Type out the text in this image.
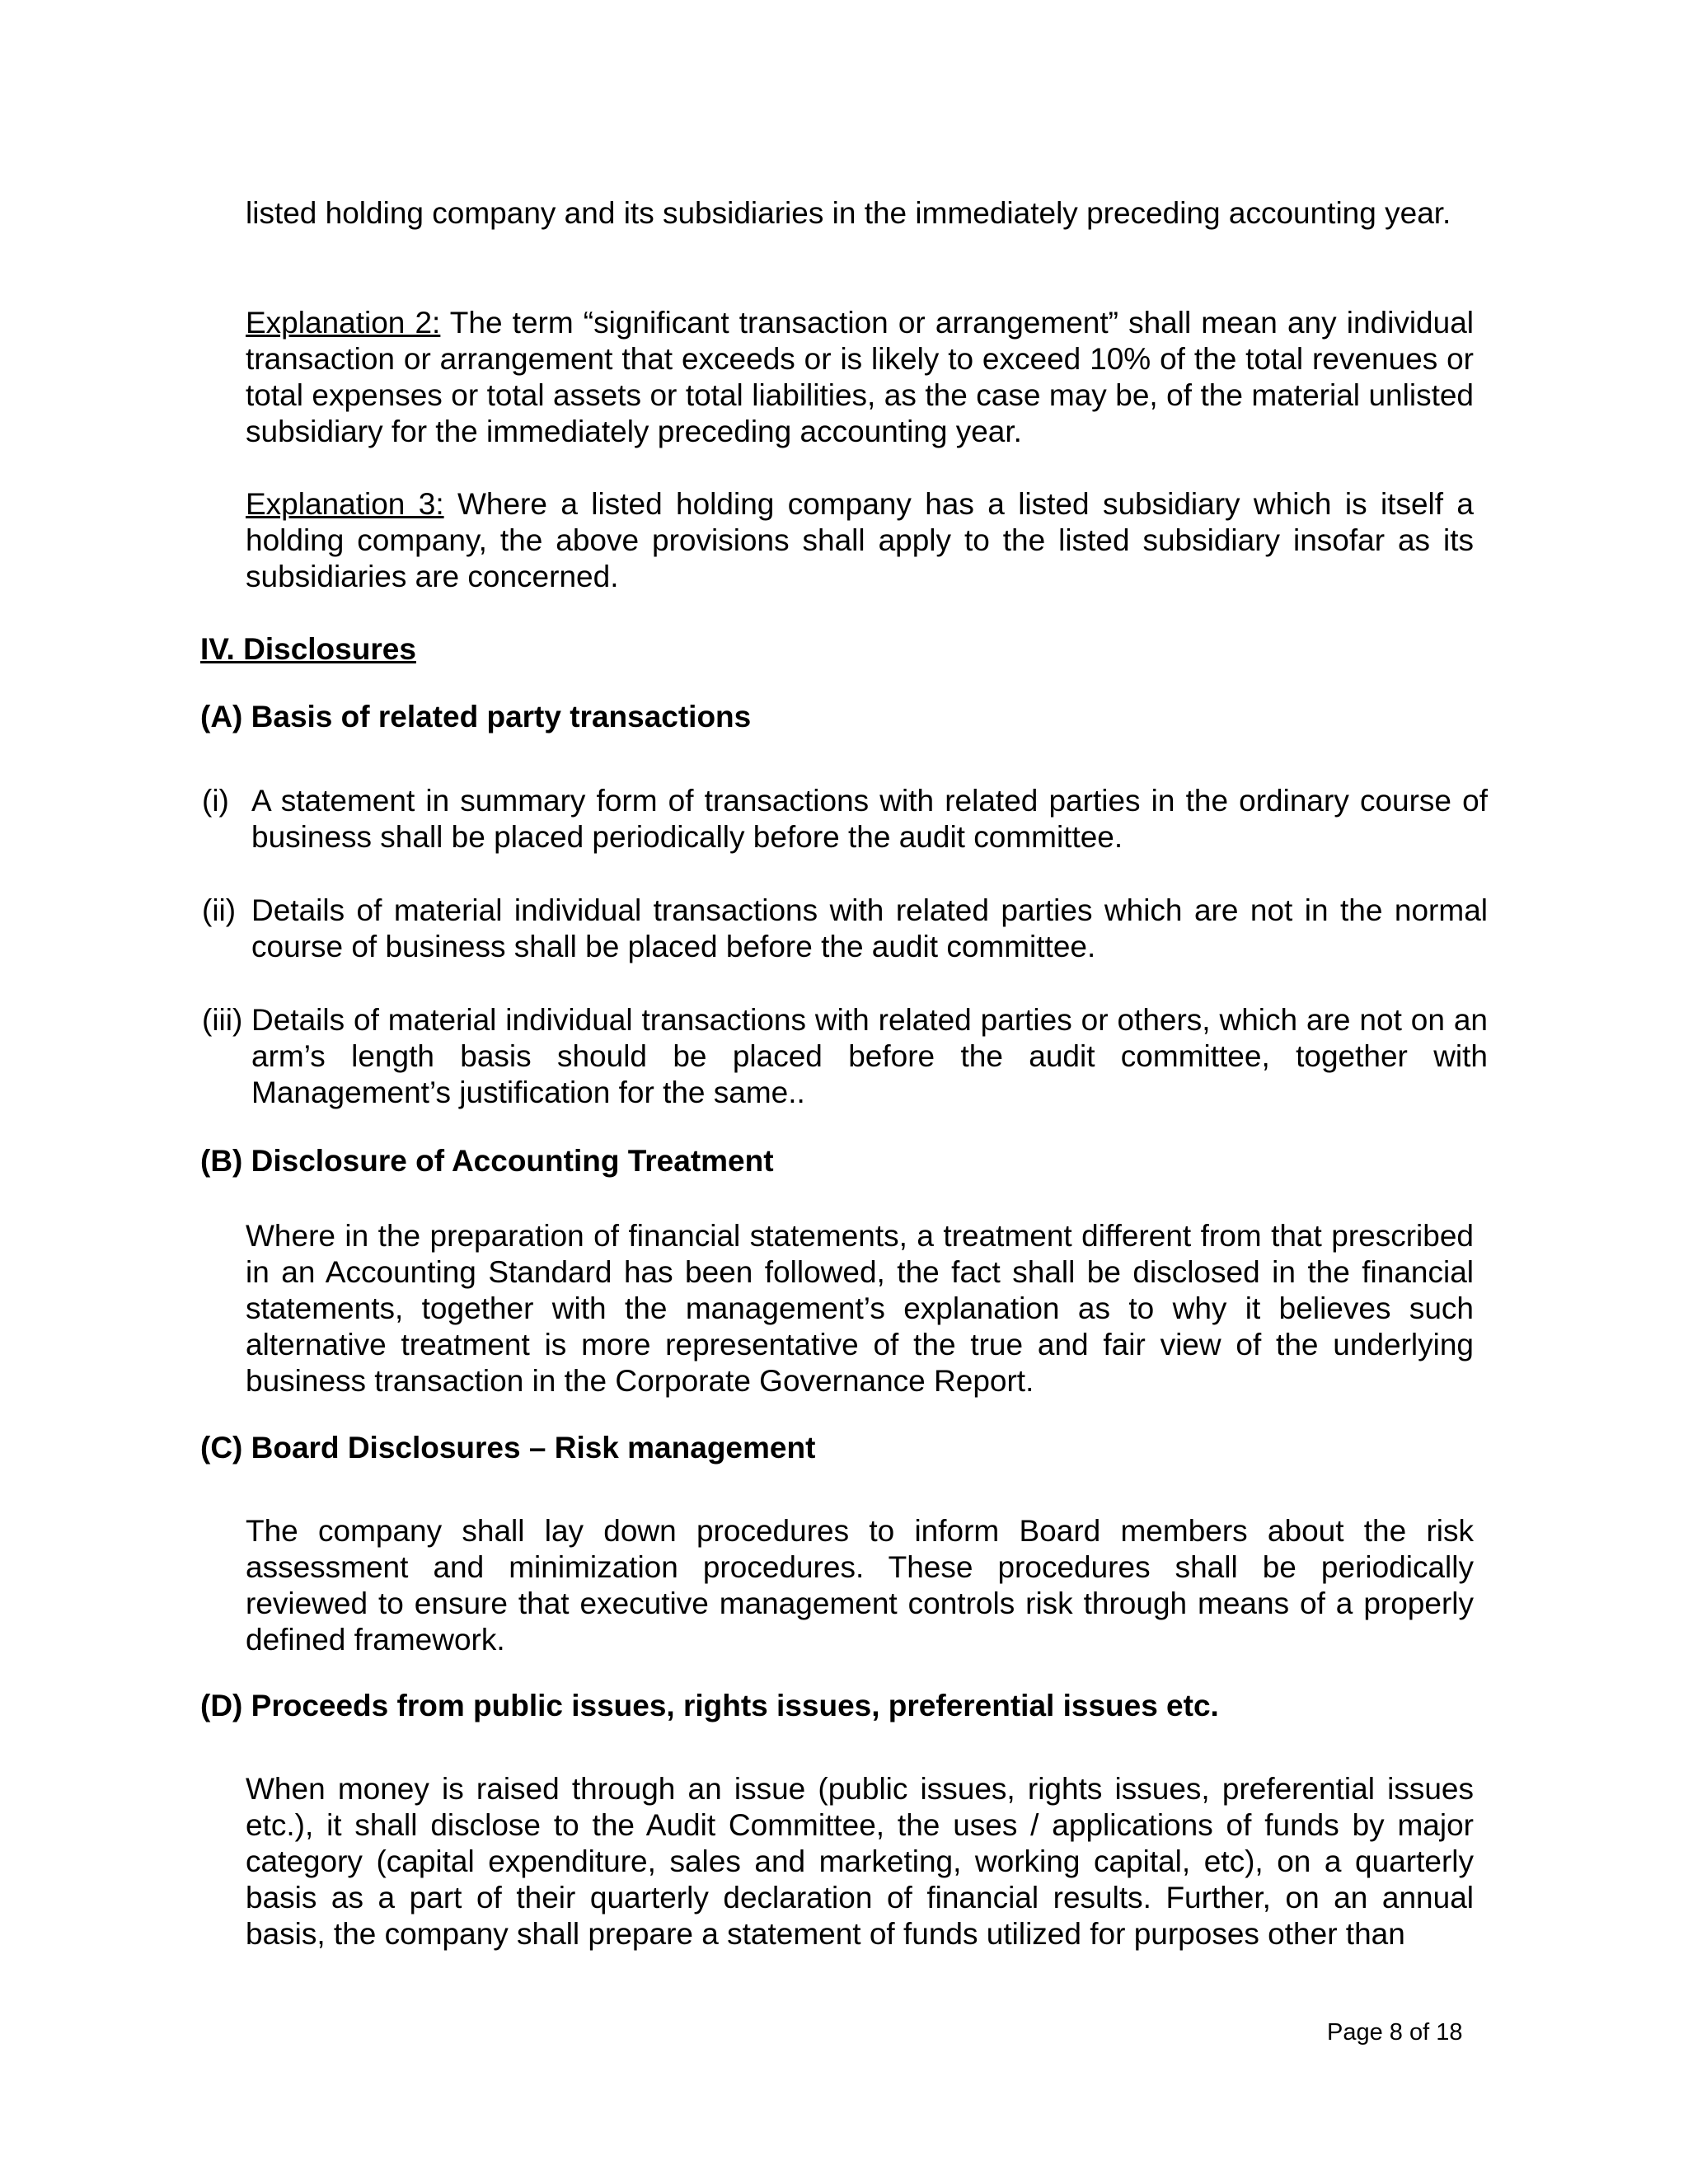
listed holding company and its subsidiaries in the immediately preceding accounting year.

Explanation 2: The term “significant transaction or arrangement” shall mean any individual transaction or arrangement that exceeds or is likely to exceed 10% of the total revenues or total expenses or total assets or total liabilities, as the case may be, of the material unlisted subsidiary for the immediately preceding accounting year.

Explanation 3: Where a listed holding company has a listed subsidiary which is itself a holding company, the above provisions shall apply to the listed subsidiary insofar as its subsidiaries are concerned.

IV. Disclosures

(A) Basis of related party transactions

(i) A statement in summary form of transactions with related parties in the ordinary course of business shall be placed periodically before the audit committee.
(ii) Details of material individual transactions with related parties which are not in the normal course of business shall be placed before the audit committee.
(iii) Details of material individual transactions with related parties or others, which are not on an arm’s length basis should be placed before the audit committee, together with Management’s justification for the same..

(B) Disclosure of Accounting Treatment

Where in the preparation of financial statements, a treatment different from that prescribed in an Accounting Standard has been followed, the fact shall be disclosed in the financial statements, together with the management’s explanation as to why it believes such alternative treatment is more representative of the true and fair view of the underlying business transaction in the Corporate Governance Report.

(C) Board Disclosures – Risk management

The company shall lay down procedures to inform Board members about the risk assessment and minimization procedures. These procedures shall be periodically reviewed to ensure that executive management controls risk through means of a properly defined framework.

(D) Proceeds from public issues, rights issues, preferential issues etc.

When money is raised through an issue (public issues, rights issues, preferential issues etc.), it shall disclose to the Audit Committee, the uses / applications of funds by major category (capital expenditure, sales and marketing, working capital, etc), on a quarterly basis as a part of their quarterly declaration of financial results. Further, on an annual basis, the company shall prepare a statement of funds utilized for purposes other than

Page 8 of 18
